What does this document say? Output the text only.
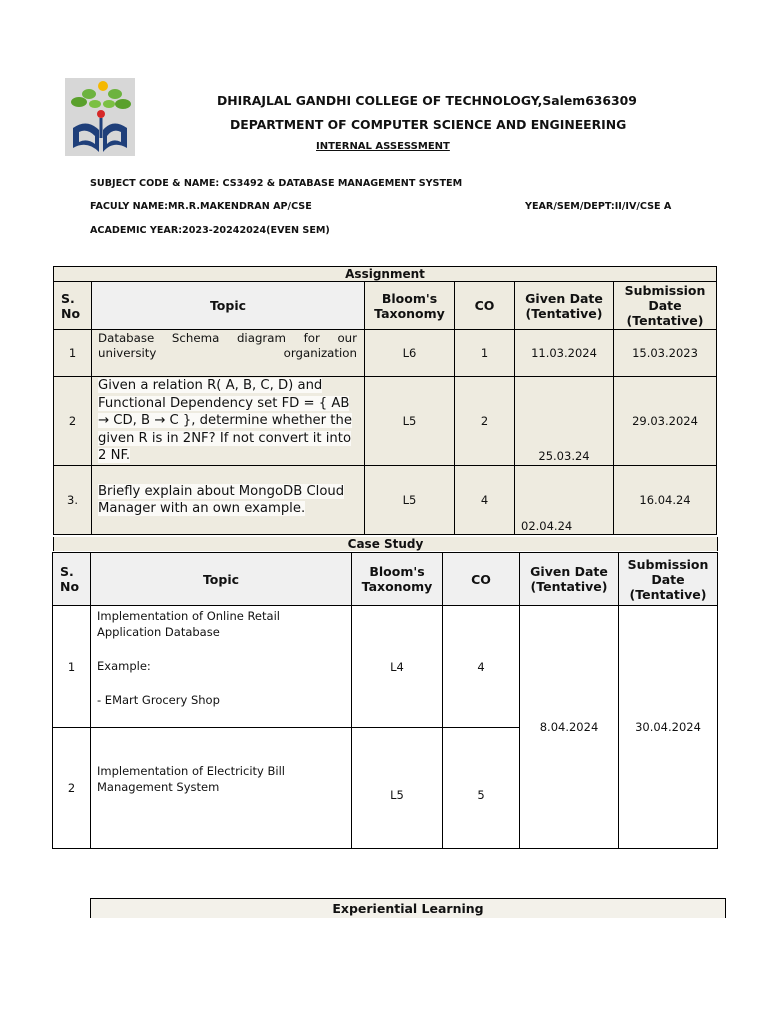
DHIRAJLAL GANDHI COLLEGE OF TECHNOLOGY,Salem636309
DEPARTMENT OF COMPUTER SCIENCE AND ENGINEERING
INTERNAL ASSESSMENT
SUBJECT CODE & NAME: CS3492 & DATABASE MANAGEMENT SYSTEM
FACULY NAME:MR.R.MAKENDRAN AP/CSE	YEAR/SEM/DEPT:II/IV/CSE A
ACADEMIC YEAR:2023-20242024(EVEN SEM)
Assignment					
S. No	Topic	Bloom's Taxonomy	CO	Given Date (Tentative)	Submission Date (Tentative)
1	Database Schema diagram for our university organization	L6	1	11.03.2024	15.03.2023
2	Given a relation R( A, B, C, D) and Functional Dependency set FD = { AB → CD, B → C }, determine whether the given R is in 2NF? If not convert it into 2 NF.	L5	2	25.03.24	29.03.2024
3.	Briefly explain about MongoDB Cloud Manager with an own example.	L5	4	02.04.24	16.04.24
Case Study
S. No	Topic	Bloom's Taxonomy	CO	Given Date (Tentative)	Submission Date (Tentative)
1	Implementation of Online Retail Application Database
Example:
- EMart Grocery Shop	L4	4	8.04.2024	30.04.2024
2	Implementation of Electricity Bill Management System	L5	5		
Experiential Learning
